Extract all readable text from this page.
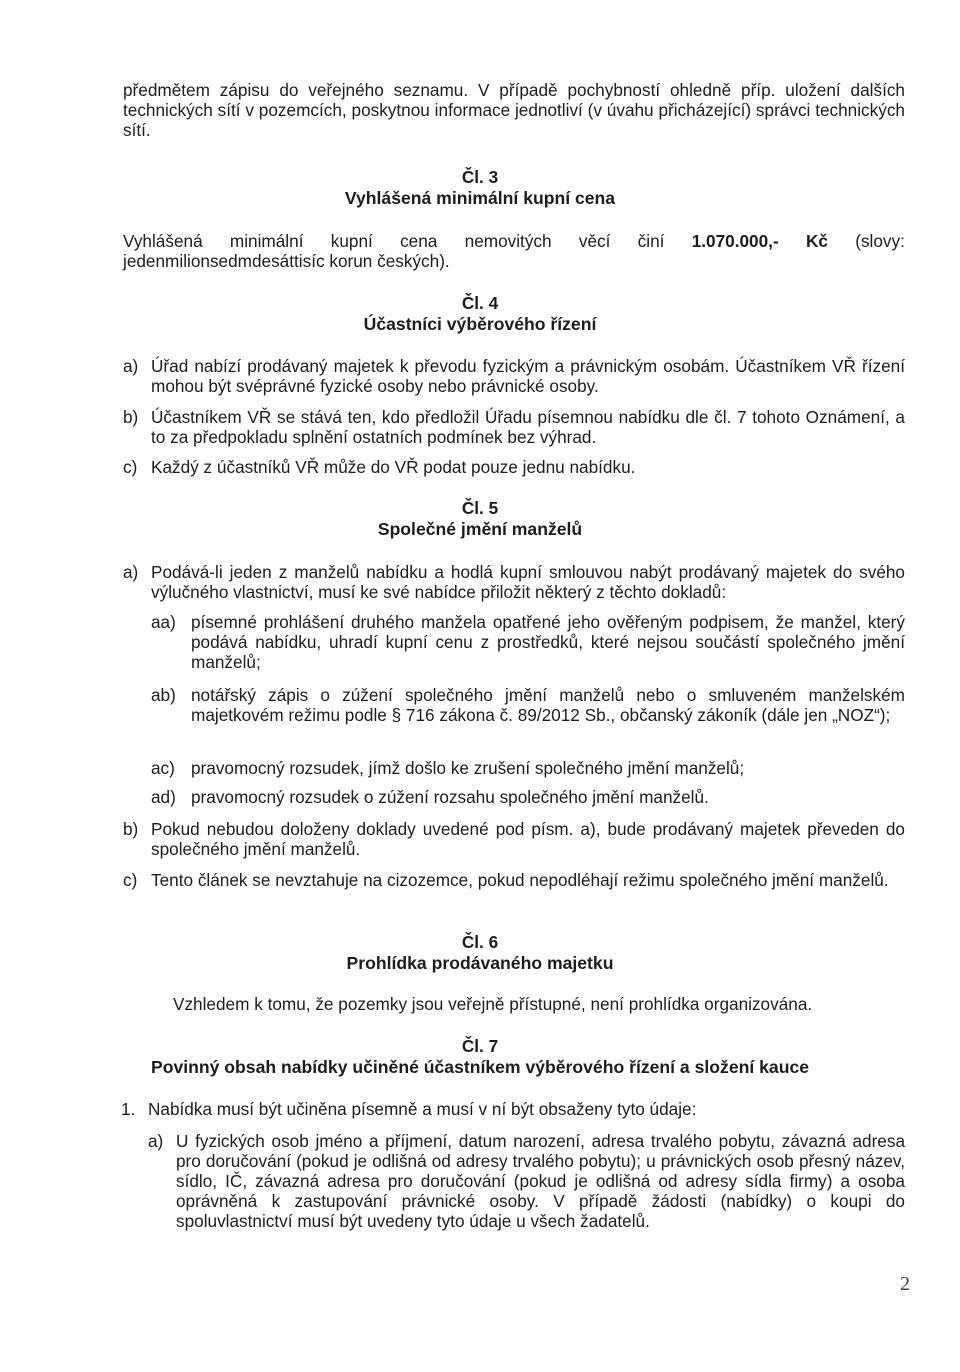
předmětem zápisu do veřejného seznamu. V případě pochybností ohledně příp. uložení dalších technických sítí v pozemcích, poskytnou informace jednotliví (v úvahu přicházející) správci technických sítí.

Čl. 3
Vyhlášená minimální kupní cena
Vyhlášená minimální kupní cena nemovitých věcí činí 1.070.000,- Kč (slovy:

jedenmilionsedmdesáttisíc korun českých).

Čl. 4
Účastníci výběrového řízení
a) Úřad nabízí prodávaný majetek k převodu fyzickým a právnickým osobám. Účastníkem VŘ řízení mohou být svéprávné fyzické osoby nebo právnické osoby.

b) Účastníkem VŘ se stává ten, kdo předložil Úřadu písemnou nabídku dle čl. 7 tohoto Oznámení, a to za předpokladu splnění ostatních podmínek bez výhrad.

c) Každý z účastníků VŘ může do VŘ podat pouze jednu nabídku.

Čl. 5
Společné jmění manželů
a) Podává-li jeden z manželů nabídku a hodlá kupní smlouvou nabýt prodávaný majetek do svého výlučného vlastnictví, musí ke své nabídce přiložit některý z těchto dokladů:

aa) písemné prohlášení druhého manžela opatřené jeho ověřeným podpisem, že manžel, který podává nabídku, uhradí kupní cenu z prostředků, které nejsou součástí společného jmění manželů;

ab) notářský zápis o zúžení společného jmění manželů nebo o smluveném manželském majetkovém režimu podle § 716 zákona č. 89/2012 Sb., občanský zákoník (dále jen „NOZ“);

ac) pravomocný rozsudek, jímž došlo ke zrušení společného jmění manželů;

ad) pravomocný rozsudek o zúžení rozsahu společného jmění manželů.

b) Pokud nebudou doloženy doklady uvedené pod písm. a), bude prodávaný majetek převeden do společného jmění manželů.

c) Tento článek se nevztahuje na cizozemce, pokud nepodléhají režimu společného jmění manželů.

Čl. 6
Prohlídka prodávaného majetku

Vzhledem k tomu, že pozemky jsou veřejně přístupné, není prohlídka organizována.

Čl. 7
Povinný obsah nabídky učiněné účastníkem výběrového řízení a složení kauce
1. Nabídka musí být učiněna písemně a musí v ní být obsaženy tyto údaje:

a) U fyzických osob jméno a příjmení, datum narození, adresa trvalého pobytu, závazná adresa pro doručování (pokud je odlišná od adresy trvalého pobytu); u právnických osob přesný název, sídlo, IČ, závazná adresa pro doručování (pokud je odlišná od adresy sídla firmy) a osoba oprávněná k zastupování právnické osoby. V případě žádosti (nabídky) o koupi do spoluvlastnictví musí být uvedeny tyto údaje u všech žadatelů.

2
